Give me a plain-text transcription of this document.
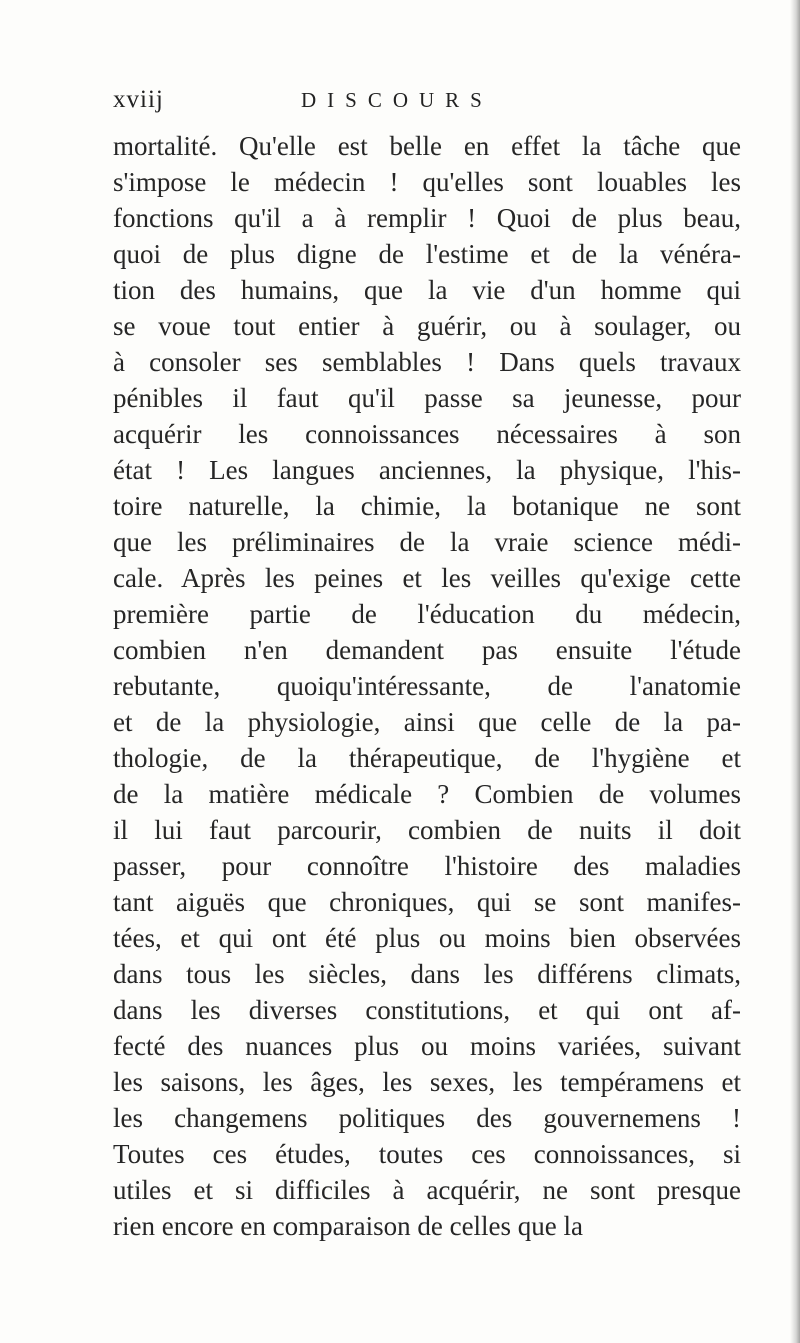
xviij	DISCOURS
mortalité. Qu'elle est belle en effet la tâche que
s'impose le médecin ! qu'elles sont louables les
fonctions qu'il a à remplir ! Quoi de plus beau,
quoi de plus digne de l'estime et de la vénéra-
tion des humains, que la vie d'un homme qui
se voue tout entier à guérir, ou à soulager, ou
à consoler ses semblables ! Dans quels travaux
pénibles il faut qu'il passe sa jeunesse, pour
acquérir les connoissances nécessaires à son
état ! Les langues anciennes, la physique, l'his-
toire naturelle, la chimie, la botanique ne sont
que les préliminaires de la vraie science médi-
cale. Après les peines et les veilles qu'exige cette
première partie de l'éducation du médecin,
combien n'en demandent pas ensuite l'étude
rebutante, quoiqu'intéressante, de l'anatomie
et de la physiologie, ainsi que celle de la pa-
thologie, de la thérapeutique, de l'hygiène et
de la matière médicale ? Combien de volumes
il lui faut parcourir, combien de nuits il doit
passer, pour connoître l'histoire des maladies
tant aiguës que chroniques, qui se sont manifes-
tées, et qui ont été plus ou moins bien observées
dans tous les siècles, dans les différens climats,
dans les diverses constitutions, et qui ont af-
fecté des nuances plus ou moins variées, suivant
les saisons, les âges, les sexes, les tempéramens et
les changemens politiques des gouvernemens !
Toutes ces études, toutes ces connoissances, si
utiles et si difficiles à acquérir, ne sont presque
rien encore en comparaison de celles que la
